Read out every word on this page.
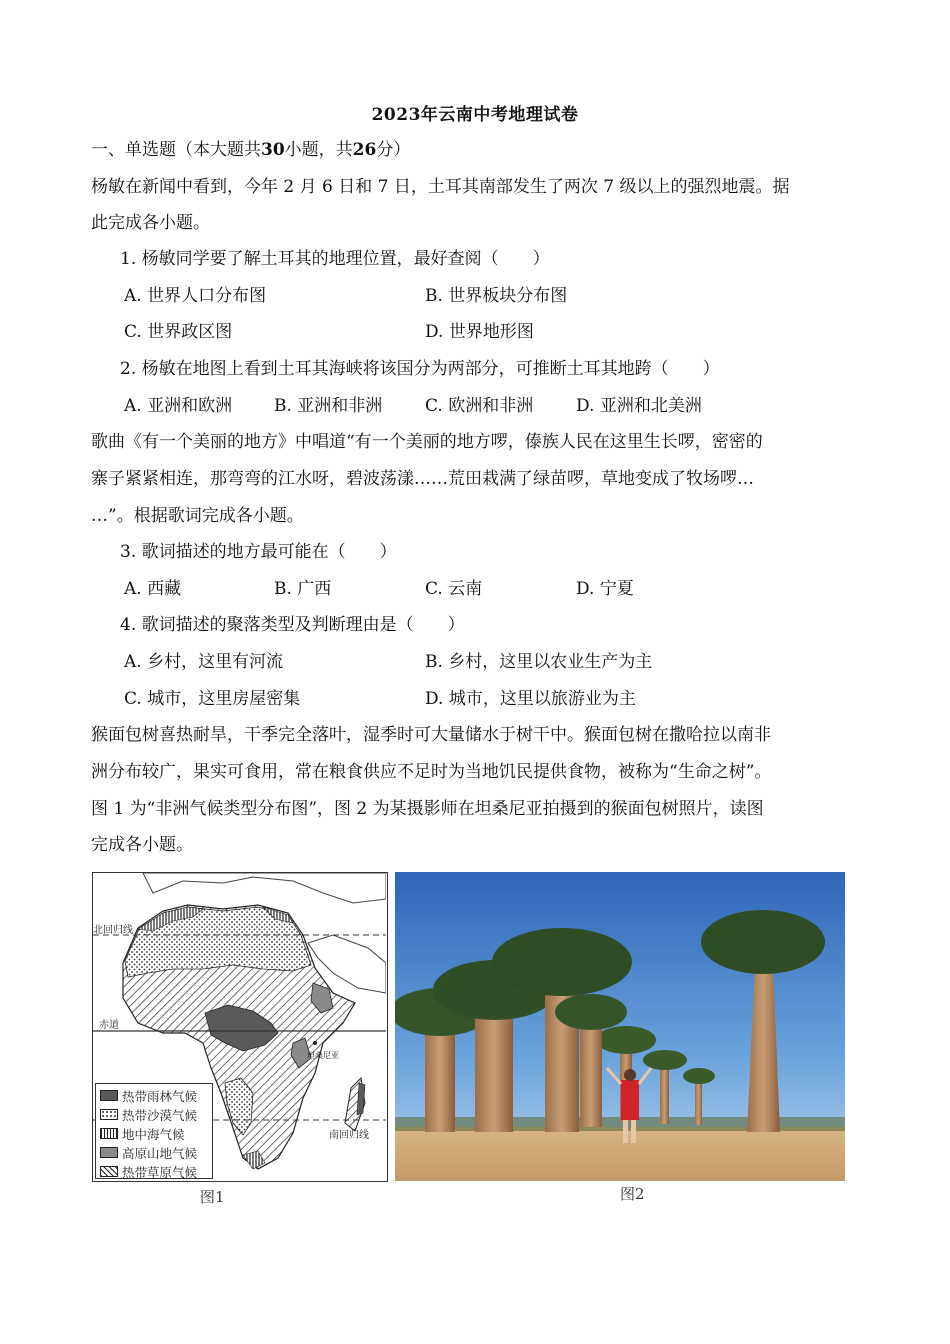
2023年云南中考地理试卷
一、单选题（本大题共30小题，共26分）
杨敏在新闻中看到，今年 2 月 6 日和 7 日，土耳其南部发生了两次 7 级以上的强烈地震。据
此完成各小题。
1. 杨敏同学要了解土耳其的地理位置，最好查阅（　　）
A. 世界人口分布图	B. 世界板块分布图
C. 世界政区图	D. 世界地形图
2. 杨敏在地图上看到土耳其海峡将该国分为两部分，可推断土耳其地跨（　　）
A. 亚洲和欧洲 B. 亚洲和非洲	C. 欧洲和非洲	D. 亚洲和北美洲
歌曲《有一个美丽的地方》中唱道“有一个美丽的地方啰，傣族人民在这里生长啰，密密的
寨子紧紧相连，那弯弯的江水呀，碧波荡漾……荒田栽满了绿苗啰，草地变成了牧场啰…
…”。根据歌词完成各小题。
3. 歌词描述的地方最可能在（　　）
A. 西藏	B. 广西	C. 云南	D. 宁夏
4. 歌词描述的聚落类型及判断理由是（　　）
A. 乡村，这里有河流	B. 乡村，这里以农业生产为主
C. 城市，这里房屋密集	D. 城市，这里以旅游业为主
猴面包树喜热耐旱，干季完全落叶，湿季时可大量储水于树干中。猴面包树在撒哈拉以南非
洲分布较广，果实可食用，常在粮食供应不足时为当地饥民提供食物，被称为“生命之树”。
图 1 为“非洲气候类型分布图”，图 2 为某摄影师在坦桑尼亚拍摄到的猴面包树照片，读图
完成各小题。
北回归线
赤道
南回归线
坦桑尼亚
热带雨林气候
热带沙漠气候
地中海气候
高原山地气候
热带草原气候
图1	图2
